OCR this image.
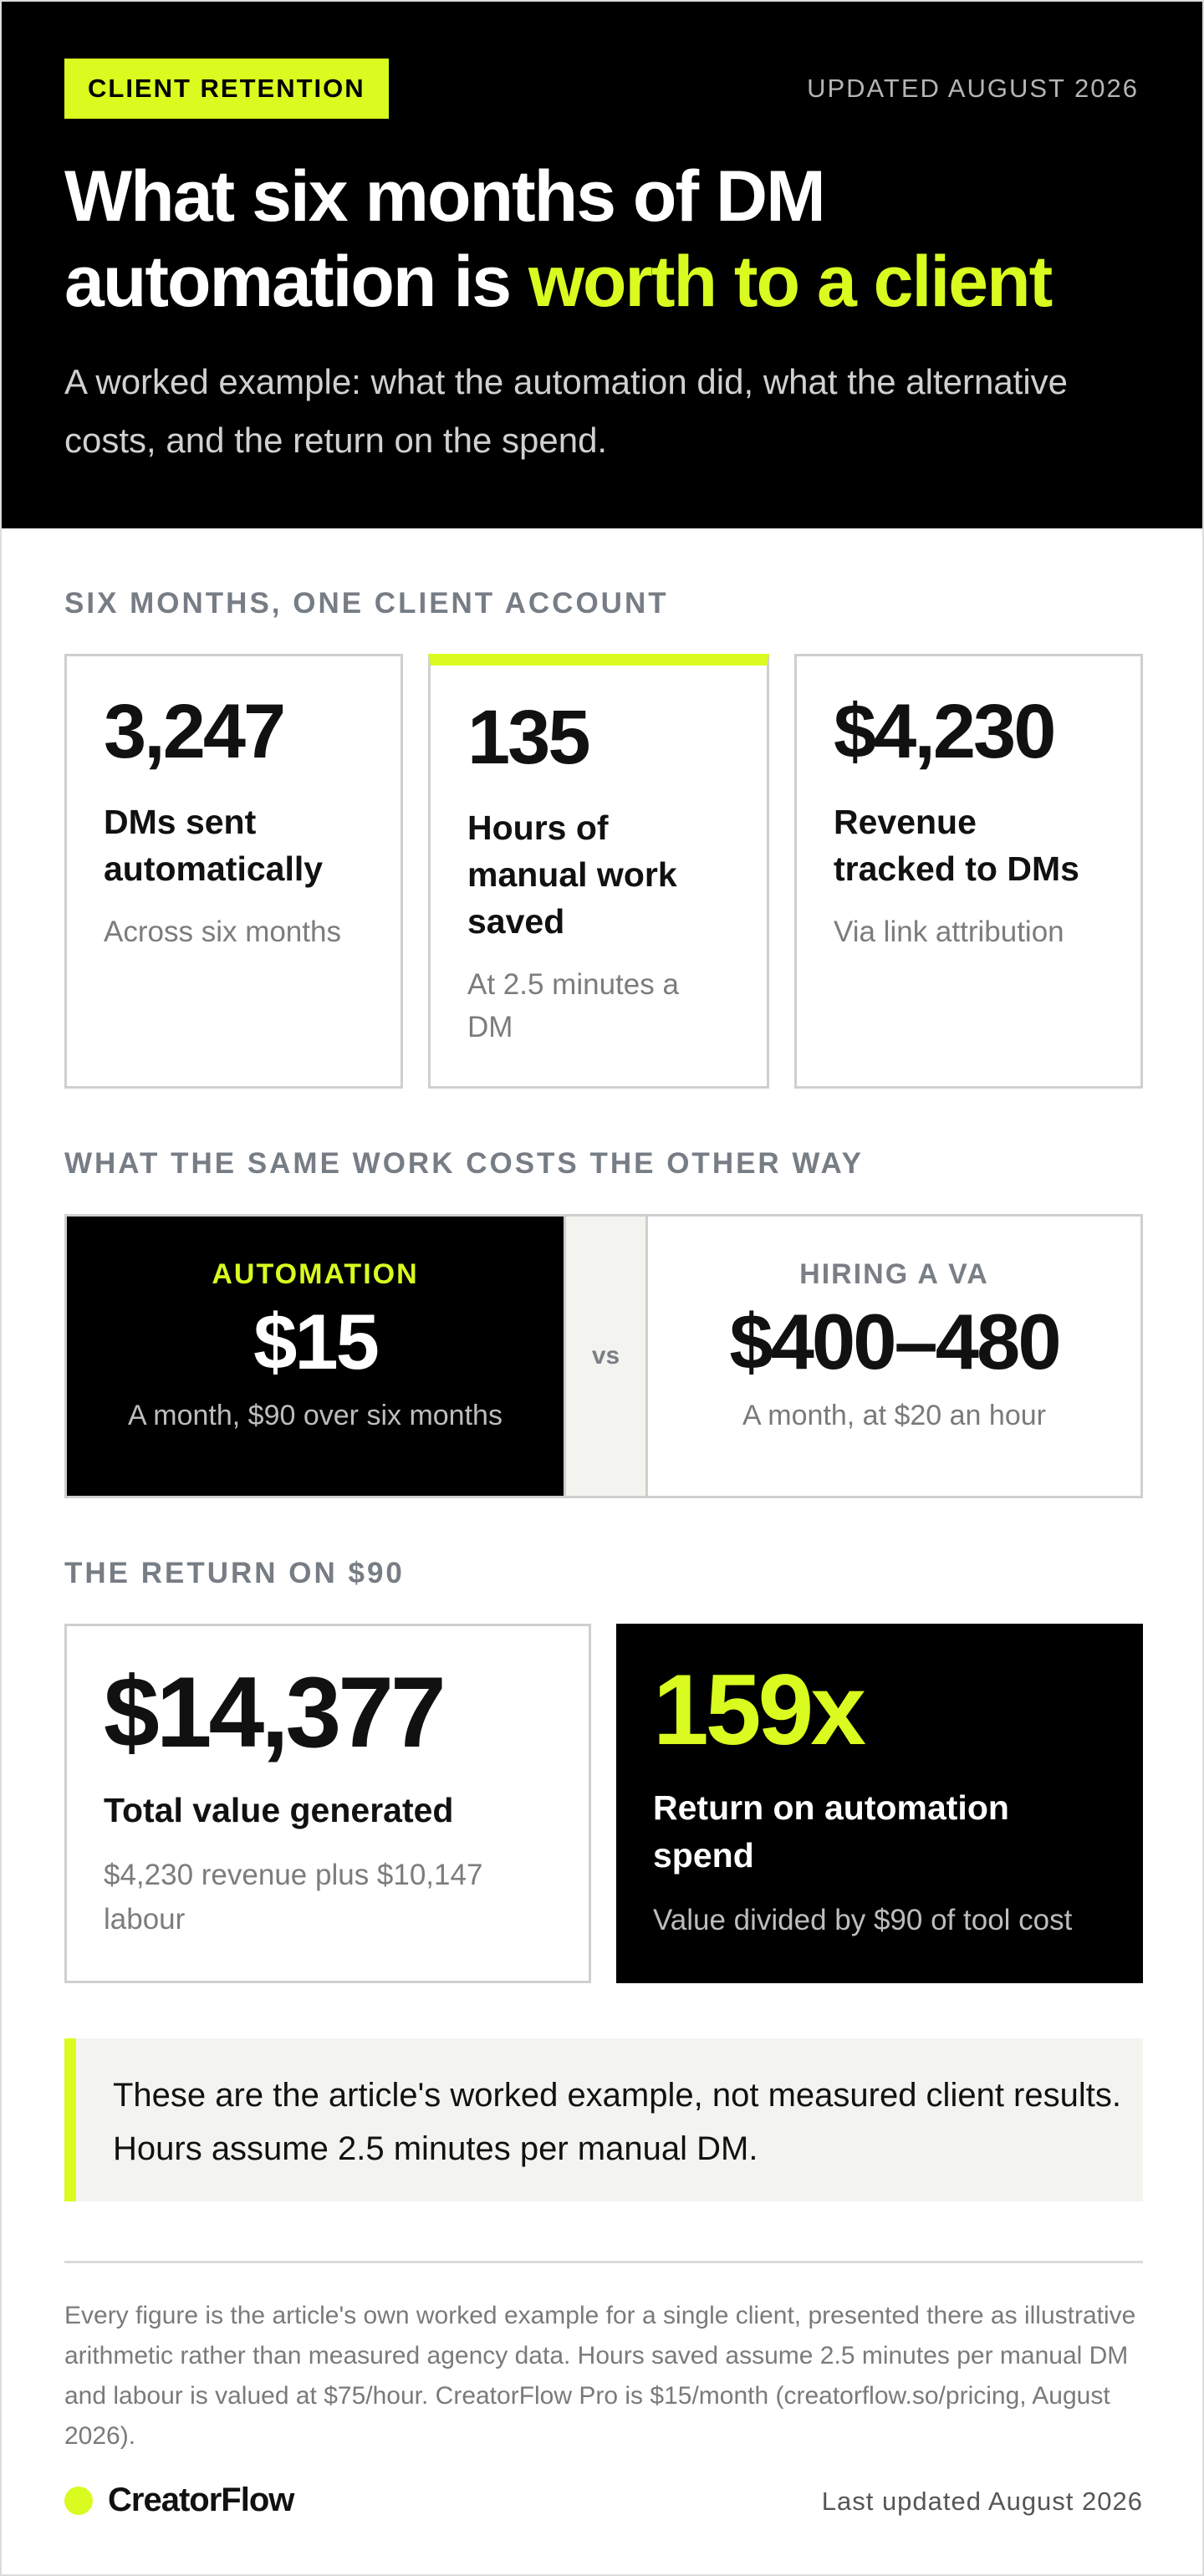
CLIENT RETENTION	UPDATED AUGUST 2026
What six months of DM automation is worth to a client

A worked example: what the automation did, what the alternative costs, and the return on the spend.

SIX MONTHS, ONE CLIENT ACCOUNT
3,247
DMs sent automatically
Across six months
135
Hours of manual work saved
At 2.5 minutes a DM
$4,230
Revenue tracked to DMs
Via link attribution
WHAT THE SAME WORK COSTS THE OTHER WAY
AUTOMATION
$15
A month, $90 over six months
vs
HIRING A VA
$400–480
A month, at $20 an hour
THE RETURN ON $90
$14,377
Total value generated
$4,230 revenue plus $10,147 labour
159x
Return on automation spend
Value divided by $90 of tool cost
These are the article's worked example, not measured client results. Hours assume 2.5 minutes per manual DM.

Every figure is the article's own worked example for a single client, presented there as illustrative arithmetic rather than measured agency data. Hours saved assume 2.5 minutes per manual DM and labour is valued at $75/hour. CreatorFlow Pro is $15/month (creatorflow.so/pricing, August 2026).

CreatorFlow	Last updated August 2026
